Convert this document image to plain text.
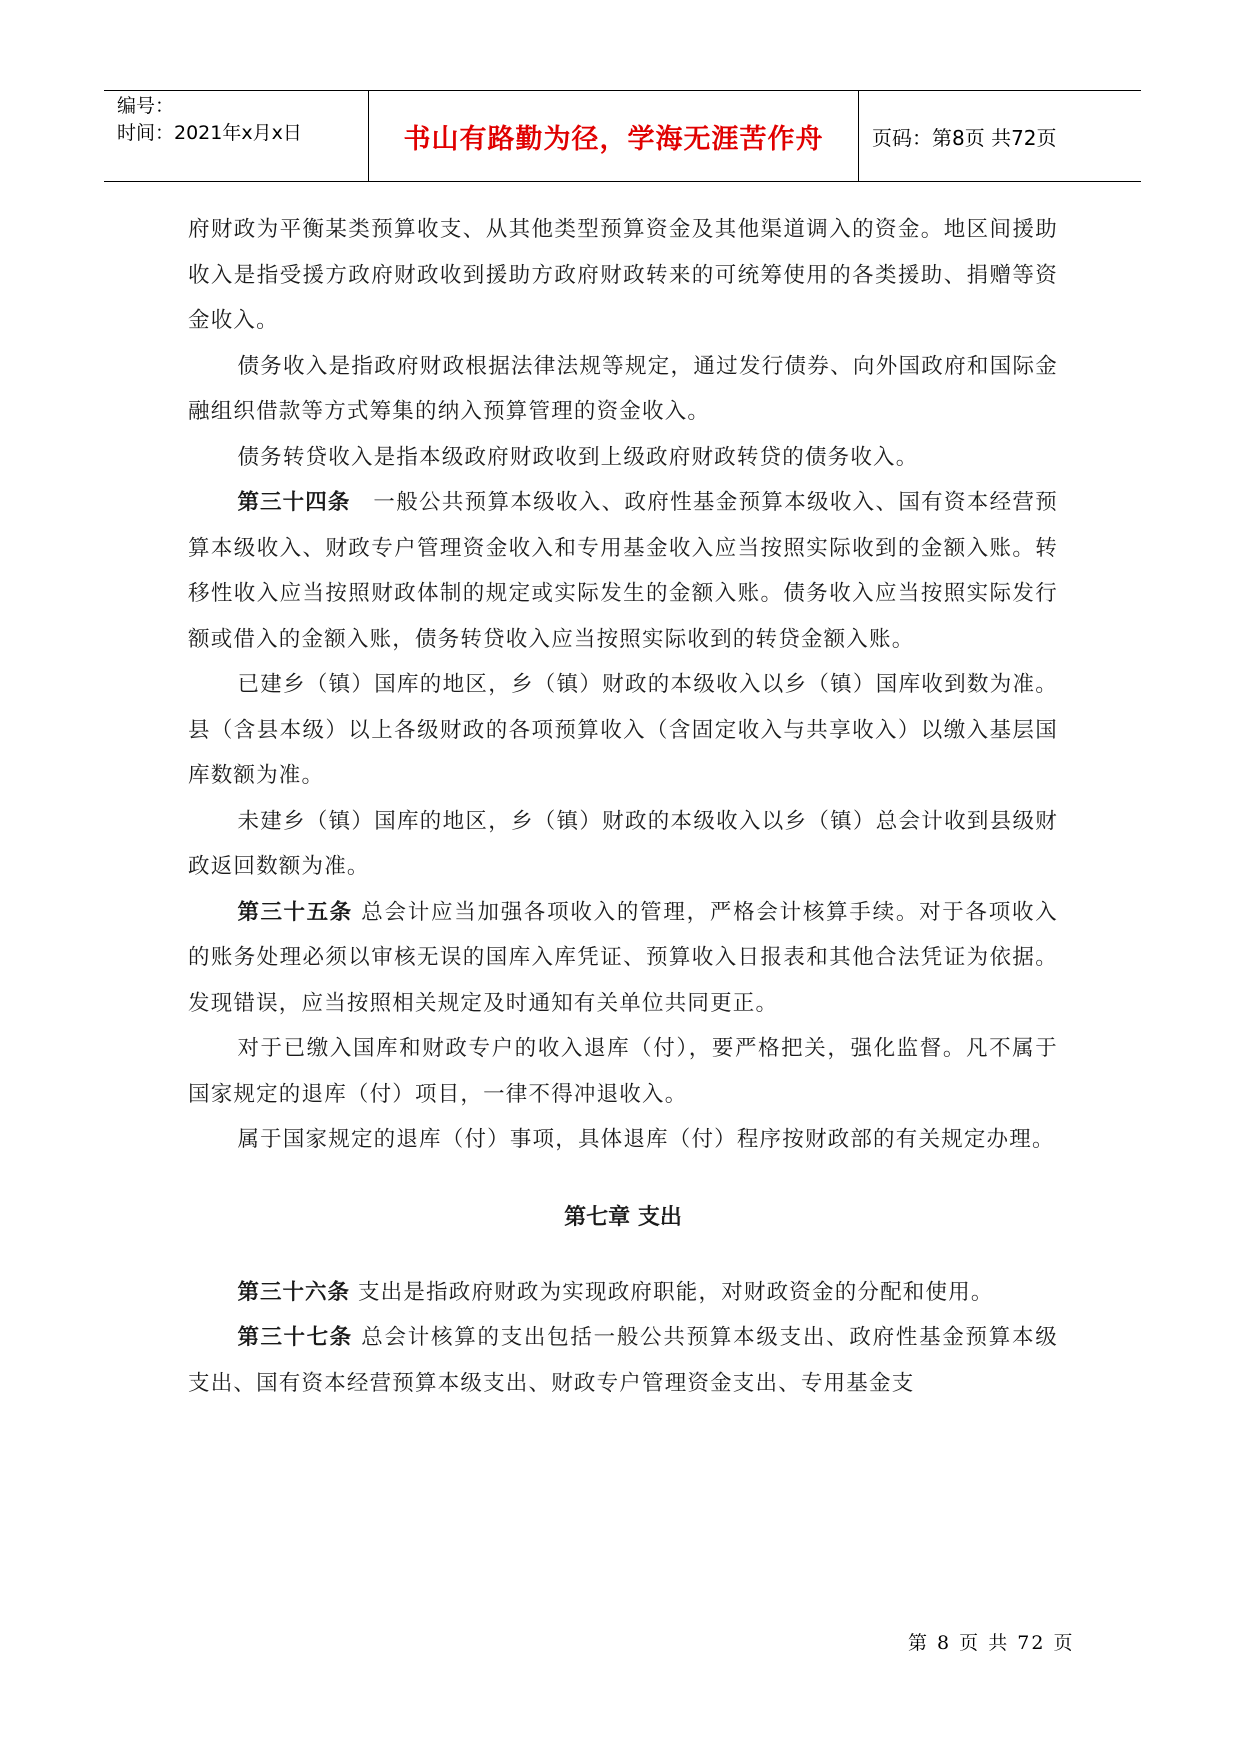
编号：
时间：2021年x月x日	书山有路勤为径，学海无涯苦作舟	页码：第8页 共72页

府财政为平衡某类预算收支、从其他类型预算资金及其他渠道调入的资金。地区间援助收入是指受援方政府财政收到援助方政府财政转来的可统筹使用的各类援助、捐赠等资金收入。

债务收入是指政府财政根据法律法规等规定，通过发行债券、向外国政府和国际金融组织借款等方式筹集的纳入预算管理的资金收入。

债务转贷收入是指本级政府财政收到上级政府财政转贷的债务收入。

第三十四条　一般公共预算本级收入、政府性基金预算本级收入、国有资本经营预算本级收入、财政专户管理资金收入和专用基金收入应当按照实际收到的金额入账。转移性收入应当按照财政体制的规定或实际发生的金额入账。债务收入应当按照实际发行额或借入的金额入账，债务转贷收入应当按照实际收到的转贷金额入账。

已建乡（镇）国库的地区，乡（镇）财政的本级收入以乡（镇）国库收到数为准。县（含县本级）以上各级财政的各项预算收入（含固定收入与共享收入）以缴入基层国库数额为准。

未建乡（镇）国库的地区，乡（镇）财政的本级收入以乡（镇）总会计收到县级财政返回数额为准。

第三十五条 总会计应当加强各项收入的管理，严格会计核算手续。对于各项收入的账务处理必须以审核无误的国库入库凭证、预算收入日报表和其他合法凭证为依据。发现错误，应当按照相关规定及时通知有关单位共同更正。

对于已缴入国库和财政专户的收入退库（付），要严格把关，强化监督。凡不属于国家规定的退库（付）项目，一律不得冲退收入。

属于国家规定的退库（付）事项，具体退库（付）程序按财政部的有关规定办理。

第七章 支出

第三十六条 支出是指政府财政为实现政府职能，对财政资金的分配和使用。

第三十七条 总会计核算的支出包括一般公共预算本级支出、政府性基金预算本级支出、国有资本经营预算本级支出、财政专户管理资金支出、专用基金支

第 8 页 共 72 页
